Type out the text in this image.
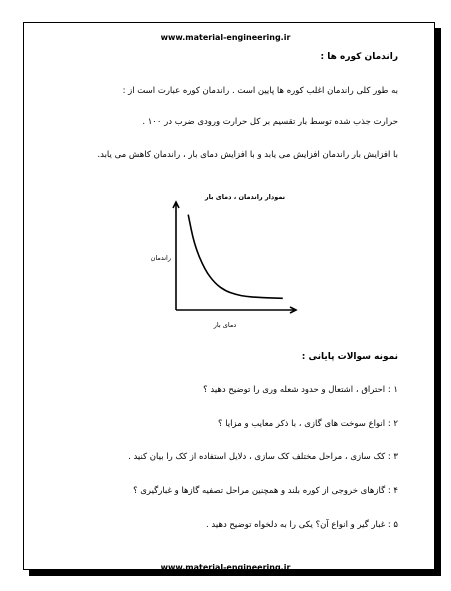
www.material-engineering.ir
راندمان کوره ها :
به طور کلی راندمان اغلب کوره ها پایین است . راندمان کوره عبارت است از :
حرارت جذب شده توسط بار تقسیم بر کل حرارت ورودی ضرب در ۱۰۰ .
با افزایش بار راندمان افزایش می یابد و با افزایش دمای بار ، راندمان کاهش می یابد.
نمودار راندمان ، دمای بار
راندمان
دمای بار
نمونه سوالات پایانی :
۱ : احتراق ، اشتعال و حدود شعله وری را توضیح دهید ؟
۲ : انواع سوخت های گازی ، با ذکر معایب و مزایا ؟
۳ : کک سازی ، مراحل مختلف کک سازی ، دلایل استفاده از کک را بیان کنید .
۴ : گازهای خروجی از کوره بلند و همچنین مراحل تصفیه گازها و غبارگیری ؟
۵ : غبار گیر و انواع آن؟ یکی را به دلخواه توضیح دهید .
www.material-engineering.ir
